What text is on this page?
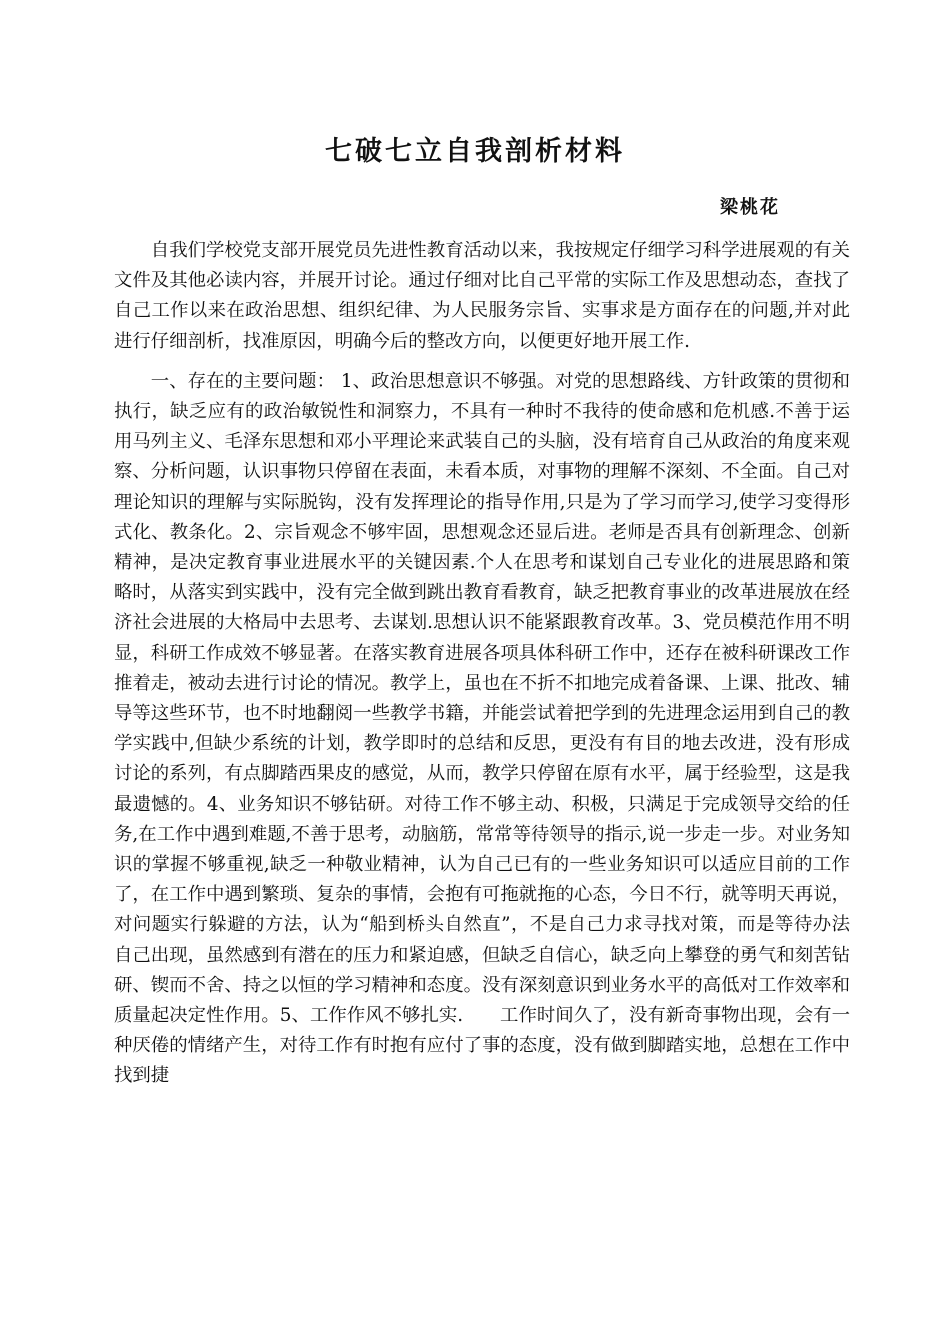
七破七立自我剖析材料
梁桃花

自我们学校党支部开展党员先进性教育活动以来，我按规定仔细学习科学进展观的有关文件及其他必读内容，并展开讨论。通过仔细对比自己平常的实际工作及思想动态，查找了自己工作以来在政治思想、组织纪律、为人民服务宗旨、实事求是方面存在的问题,并对此进行仔细剖析，找准原因，明确今后的整改方向，以便更好地开展工作.

一、存在的主要问题： 1、政治思想意识不够强。对党的思想路线、方针政策的贯彻和执行，缺乏应有的政治敏锐性和洞察力，不具有一种时不我待的使命感和危机感.不善于运用马列主义、毛泽东思想和邓小平理论来武装自己的头脑，没有培育自己从政治的角度来观察、分析问题，认识事物只停留在表面，未看本质，对事物的理解不深刻、不全面。自己对理论知识的理解与实际脱钩，没有发挥理论的指导作用,只是为了学习而学习,使学习变得形式化、教条化。2、宗旨观念不够牢固，思想观念还显后进。老师是否具有创新理念、创新精神，是决定教育事业进展水平的关键因素.个人在思考和谋划自己专业化的进展思路和策略时，从落实到实践中，没有完全做到跳出教育看教育，缺乏把教育事业的改革进展放在经济社会进展的大格局中去思考、去谋划.思想认识不能紧跟教育改革。3、党员模范作用不明显，科研工作成效不够显著。在落实教育进展各项具体科研工作中，还存在被科研课改工作推着走，被动去进行讨论的情况。教学上，虽也在不折不扣地完成着备课、上课、批改、辅导等这些环节，也不时地翻阅一些教学书籍，并能尝试着把学到的先进理念运用到自己的教学实践中,但缺少系统的计划，教学即时的总结和反思，更没有有目的地去改进，没有形成讨论的系列，有点脚踏西果皮的感觉，从而，教学只停留在原有水平，属于经验型，这是我最遗憾的。4、业务知识不够钻研。对待工作不够主动、积极，只满足于完成领导交给的任务,在工作中遇到难题,不善于思考，动脑筋，常常等待领导的指示,说一步走一步。对业务知识的掌握不够重视,缺乏一种敬业精神，认为自己已有的一些业务知识可以适应目前的工作了，在工作中遇到繁琐、复杂的事情，会抱有可拖就拖的心态，今日不行，就等明天再说，对问题实行躲避的方法，认为“船到桥头自然直”，不是自己力求寻找对策，而是等待办法自己出现，虽然感到有潜在的压力和紧迫感，但缺乏自信心，缺乏向上攀登的勇气和刻苦钻研、锲而不舍、持之以恒的学习精神和态度。没有深刻意识到业务水平的高低对工作效率和质量起决定性作用。5、工作作风不够扎实.　　工作时间久了，没有新奇事物出现，会有一种厌倦的情绪产生，对待工作有时抱有应付了事的态度，没有做到脚踏实地，总想在工作中找到捷
